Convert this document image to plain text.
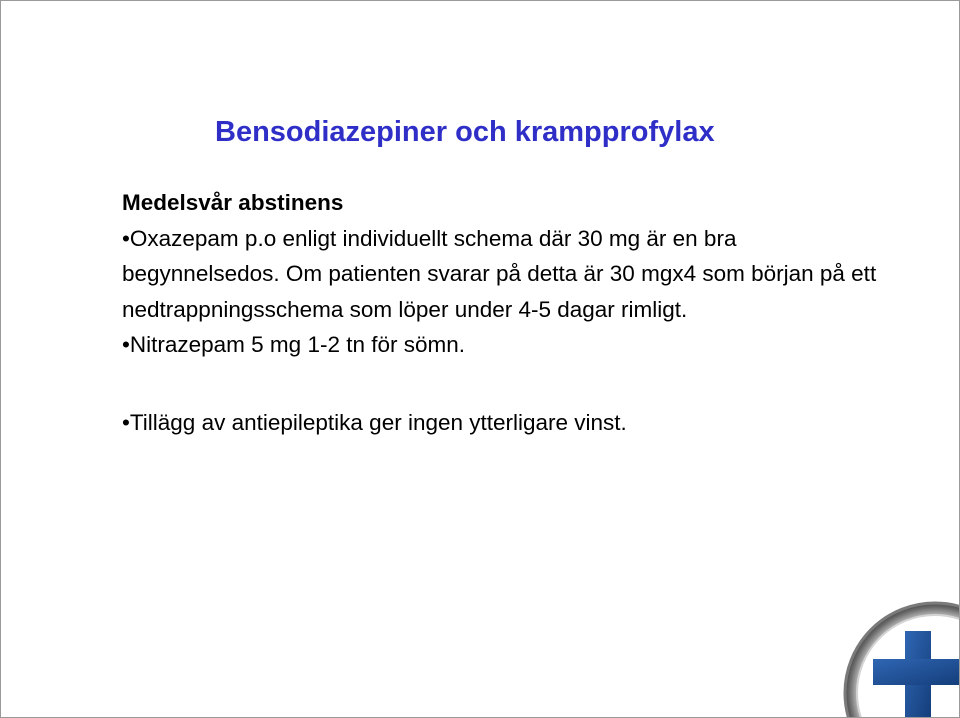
Bensodiazepiner och krampprofylax
Medelsvår abstinens

•Oxazepam p.o enligt individuellt schema där 30 mg är en bra begynnelsedos. Om patienten svarar på detta är 30 mgx4 som början på ett nedtrappningsschema som löper under 4-5 dagar rimligt.

•Nitrazepam 5 mg 1-2 tn för sömn.

•Tillägg av antiepileptika ger ingen ytterligare vinst.
